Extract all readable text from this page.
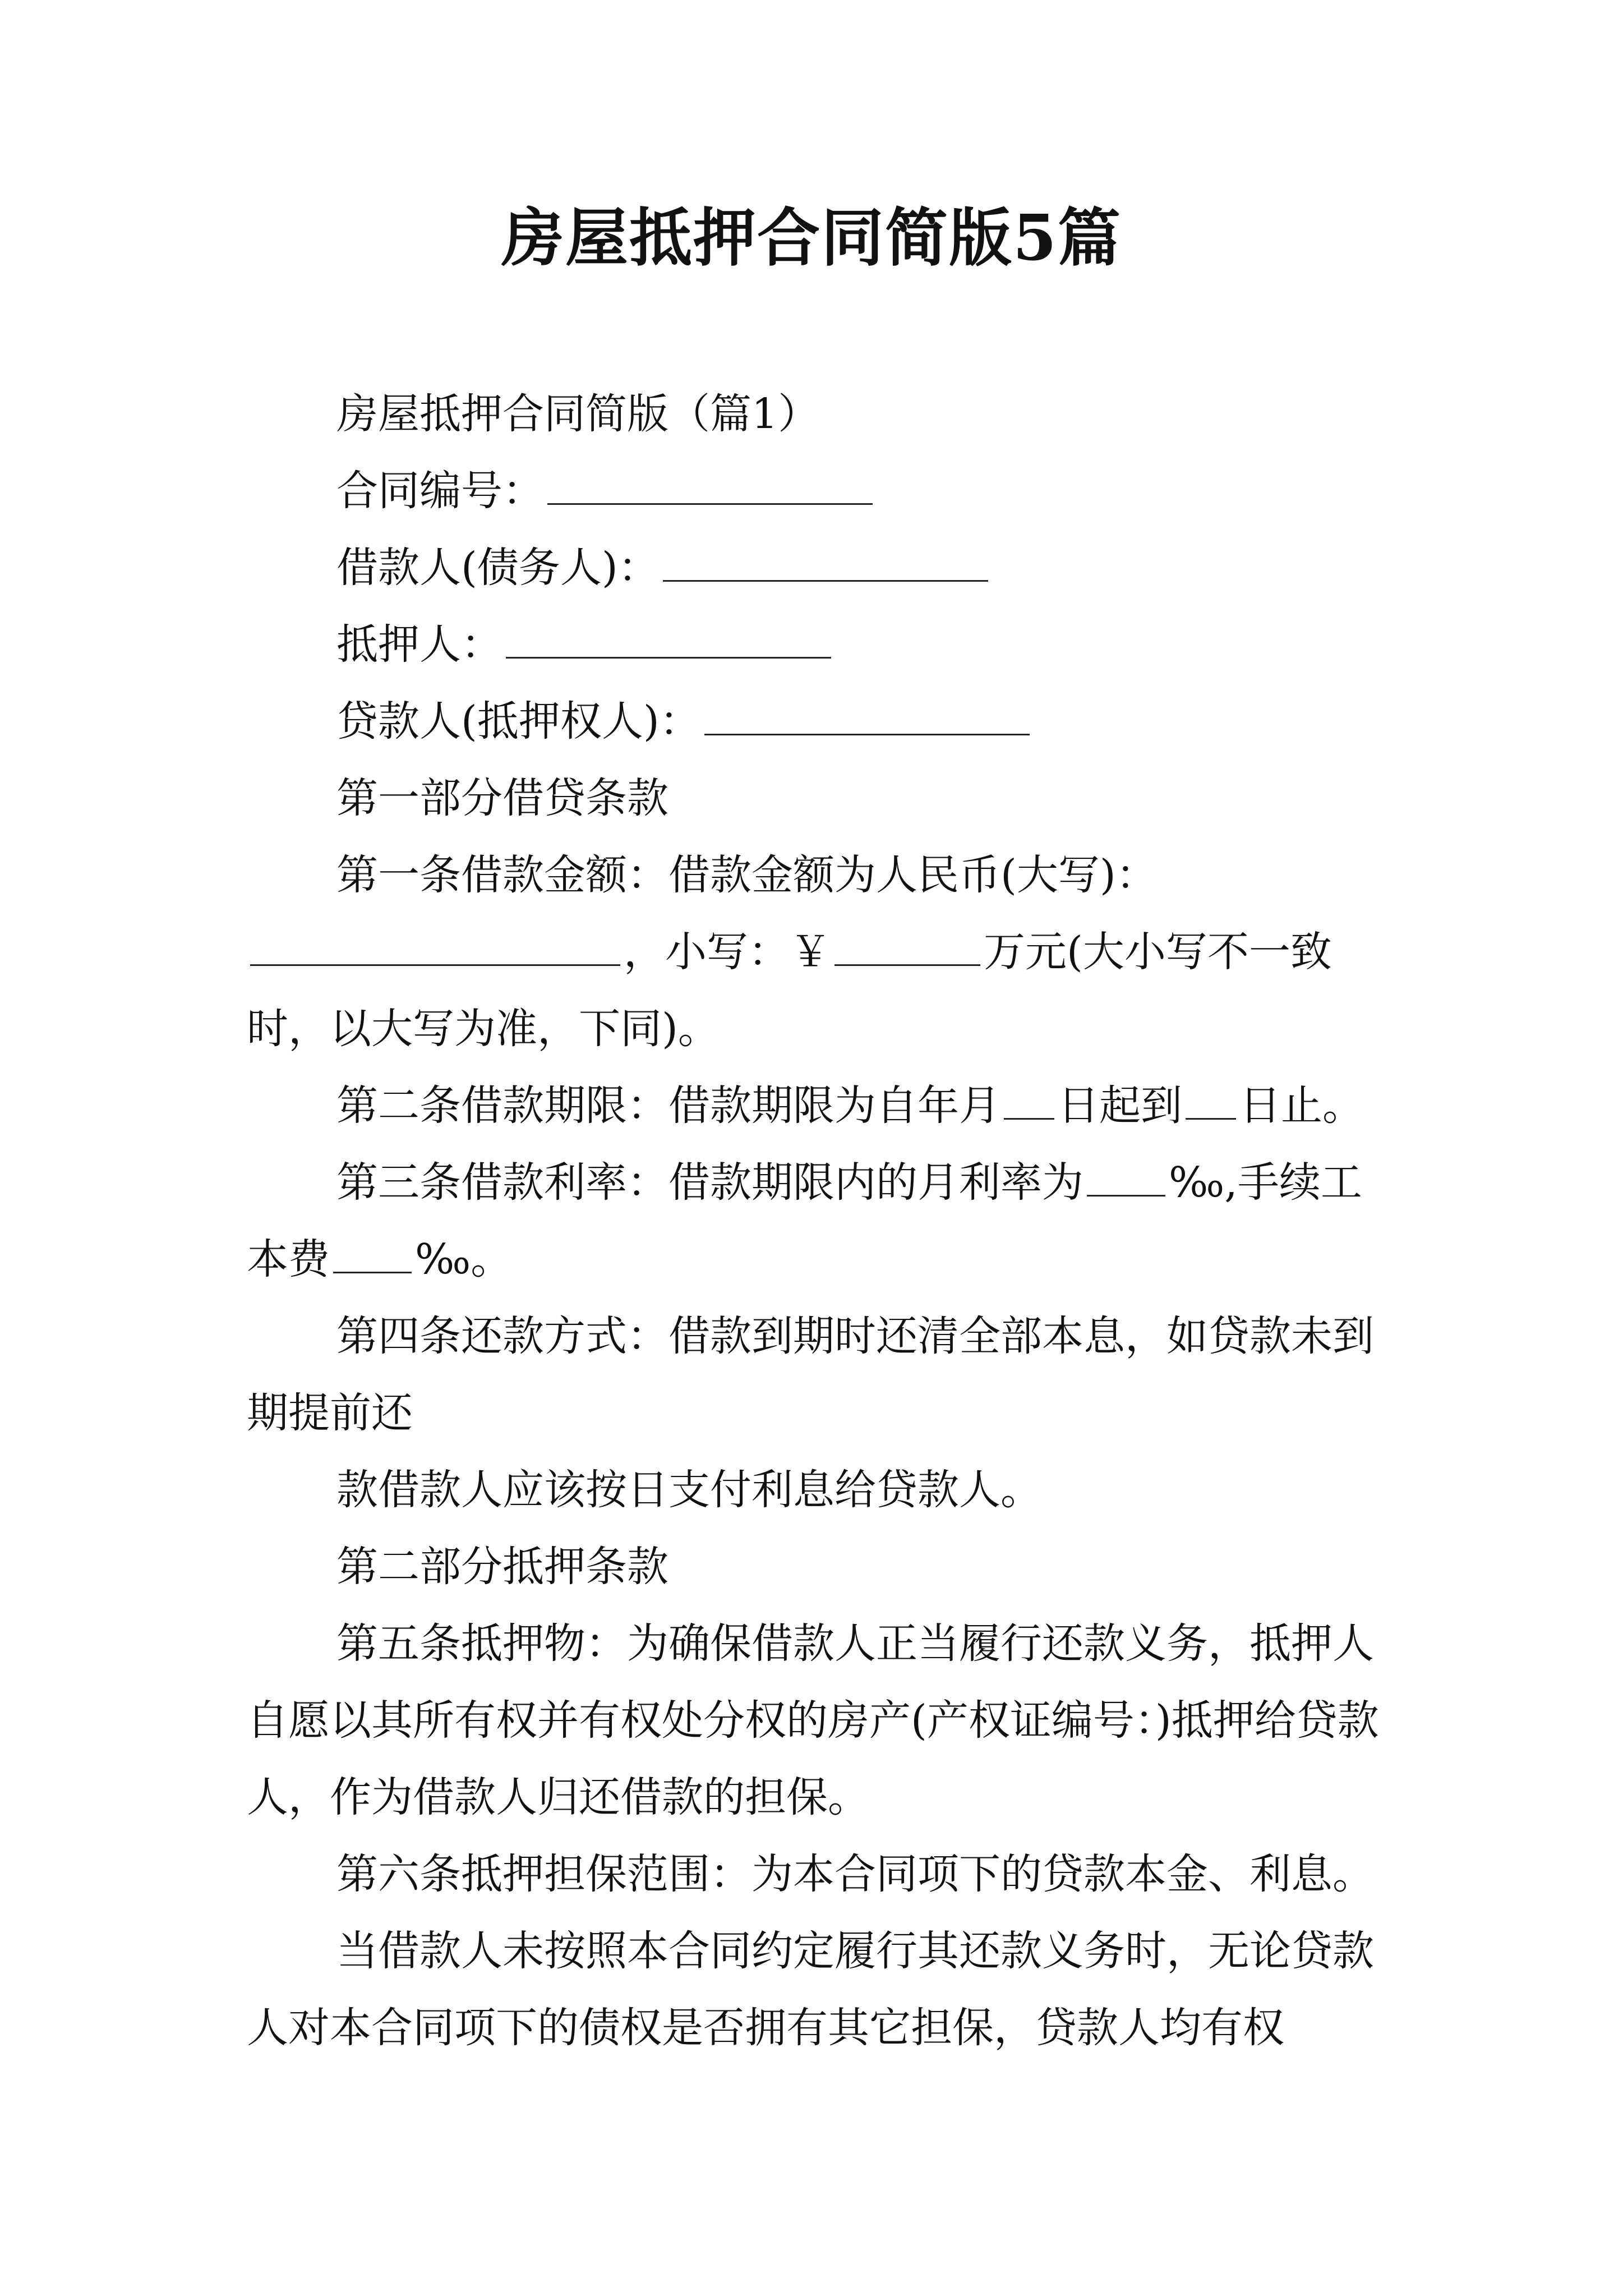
房屋抵押合同简版5篇

房屋抵押合同简版（篇1）

合同编号：

借款人(债务人)：

抵押人：

贷款人(抵押权人)：

第一部分借贷条款

第一条借款金额：借款金额为人民币(大写)：，小写：￥	万元(大小写不一致时，以大写为准，下同)。

第二条借款期限：借款期限为自年月 日起到 日止。

第三条借款利率：借款期限内的月利率为 ‰,手续工本费 ‰。

第四条还款方式：借款到期时还清全部本息，如贷款未到期提前还

款借款人应该按日支付利息给贷款人。

第二部分抵押条款

第五条抵押物：为确保借款人正当履行还款义务，抵押人自愿以其所有权并有权处分权的房产(产权证编号：)抵押给贷款人，作为借款人归还借款的担保。

第六条抵押担保范围：为本合同项下的贷款本金、利息。

当借款人未按照本合同约定履行其还款义务时，无论贷款人对本合同项下的债权是否拥有其它担保，贷款人均有权
